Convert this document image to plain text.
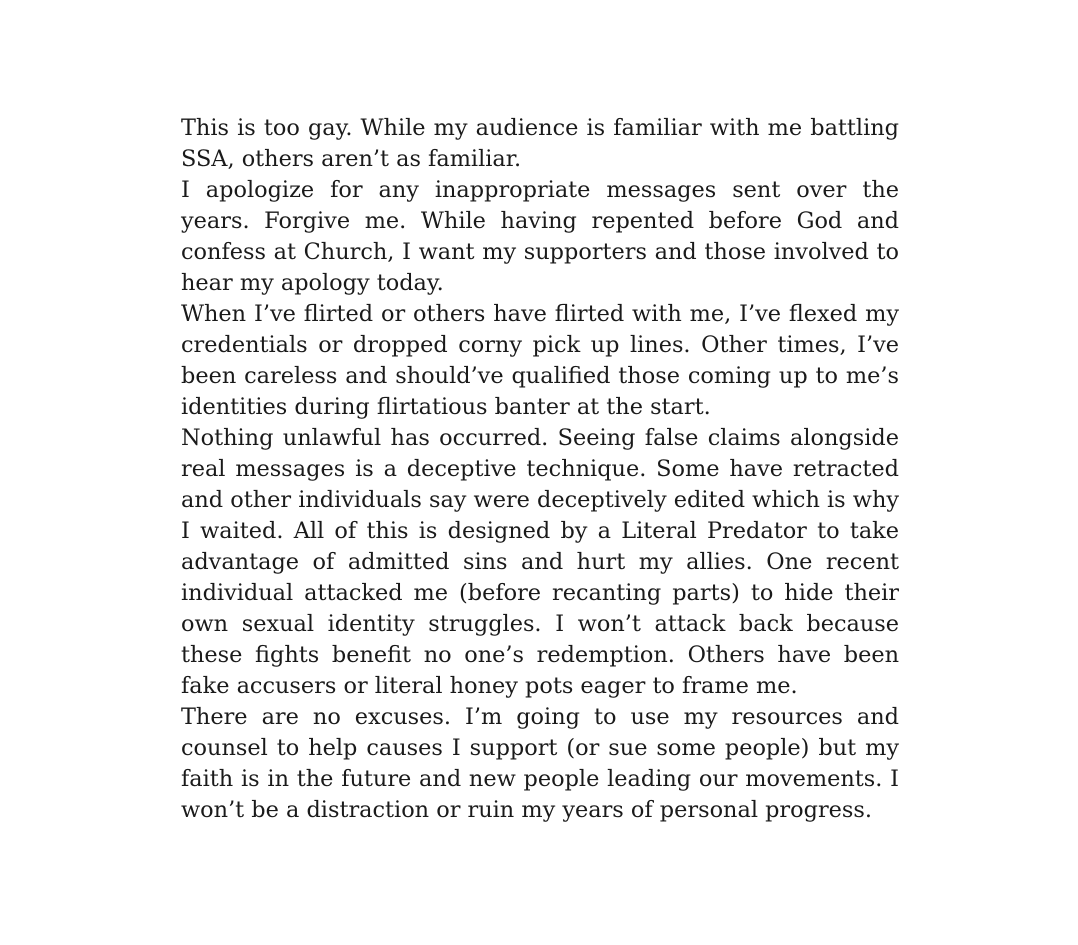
This is too gay. While my audience is familiar with me battling SSA, others aren’t as familiar.

I apologize for any inappropriate messages sent over the years. Forgive me. While having repented before God and confess at Church, I want my supporters and those involved to hear my apology today.

When I’ve flirted or others have flirted with me, I’ve flexed my credentials or dropped corny pick up lines. Other times, I’ve been careless and should’ve qualified those coming up to me’s identities during flirtatious banter at the start.

Nothing unlawful has occurred. Seeing false claims alongside real messages is a deceptive technique. Some have retracted and other individuals say were deceptively edited which is why I waited. All of this is designed by a Literal Predator to take advantage of admitted sins and hurt my allies. One recent individual attacked me (before recanting parts) to hide their own sexual identity struggles. I won’t attack back because these fights benefit no one’s redemption. Others have been fake accusers or literal honey pots eager to frame me.

There are no excuses. I’m going to use my resources and counsel to help causes I support (or sue some people) but my faith is in the future and new people leading our movements. I won’t be a distraction or ruin my years of personal progress.
